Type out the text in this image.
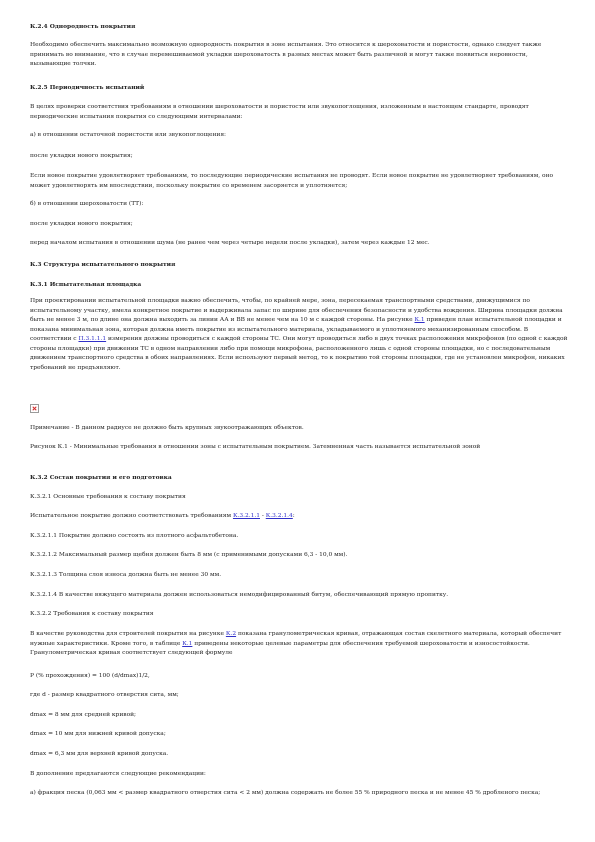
К.2.4 Однородность покрытия
Необходимо обеспечить максимально возможную однородность покрытия в зоне испытания. Это относится к шероховатости и пористости, однако следует также принимать во внимание, что в случае перемешиваемой укладки шероховатость в разных местах может быть различной и могут также появиться неровности, вызывающие толчки.
К.2.5 Периодичность испытаний
В целях проверки соответствия требованиям в отношении шероховатости и пористости или звукопоглощения, изложенным в настоящем стандарте, проводят периодические испытания покрытия со следующими интервалами:
а) в отношении остаточной пористости или звукопоглощения:
после укладки нового покрытия;
Если новое покрытие удовлетворяет требованиям, то последующие периодические испытания не проводят. Если новое покрытие не удовлетворяет требованиям, оно может удовлетворять им впоследствии, поскольку покрытие со временем засоряется и уплотняется;
б) в отношении шероховатости (ТТ):
после укладки нового покрытия;
перед началом испытания в отношении шума (не ранее чем через четыре недели после укладки), затем через каждые 12 мес.
К.3 Структура испытательного покрытия
К.3.1 Испытательная площадка
При проектировании испытательной площадки важно обеспечить, чтобы, по крайней мере, зона, пересекаемая транспортными средствами, движущимися по испытательному участку, имела конкретное покрытие и выдерживала запас по ширине для обеспечения безопасности и удобства вождения. Ширина площадки должна быть не менее 3 м, по длине она должна выходить за линии АА и ВВ не менее чем на 10 м с каждой стороны. На рисунке К.1 приведен план испытательной площадки и показана минимальная зона, которая должна иметь покрытие из испытательного материала, укладываемого и уплотняемого механизированным способом. В соответствии с П.3.1.1.1 измерения должны проводиться с каждой стороны ТС. Они могут проводиться либо в двух точках расположения микрофонов (по одной с каждой стороны площадки) при движении ТС в одном направлении либо при помощи микрофона, расположенного лишь с одной стороны площадки, но с последовательным движением транспортного средства в обоих направлениях. Если используют первый метод, то к покрытию той стороны площадки, где не установлен микрофон, никаких требований не предъявляют.
Примечание - В данном радиусе не должно быть крупных звукоотражающих объектов.
Рисунок К.1 - Минимальные требования в отношении зоны с испытательным покрытием. Затемненная часть называется испытательной зоной
К.3.2 Состав покрытия и его подготовка
К.3.2.1 Основные требования к составу покрытия
Испытательное покрытие должно соответствовать требованиям К.3.2.1.1 - К.3.2.1.4:
К.3.2.1.1 Покрытие должно состоять из плотного асфальтобетона.
К.3.2.1.2 Максимальный размер щебня должен быть 8 мм (с применимыми допусками 6,3 - 10,0 мм).
К.3.2.1.3 Толщина слоя износа должна быть не менее 30 мм.
К.3.2.1.4 В качестве вяжущего материала должен использоваться немодифицированный битум, обеспечивающий прямую пропитку.
К.3.2.2 Требования к составу покрытия
В качестве руководства для строителей покрытия на рисунке К.2 показана гранулометрическая кривая, отражающая состав скелетного материала, который обеспечит нужные характеристики. Кроме того, в таблице К.1 приведены некоторые целевые параметры для обеспечения требуемой шероховатости и износостойкости. Гранулометрическая кривая соответствует следующей формуле
P (% прохождения) = 100 (d/dmax)1/2,
где d - размер квадратного отверстия сита, мм;
dmax = 8 мм для средней кривой;
dmax = 10 мм для нижней кривой допуска;
dmax = 6,3 мм для верхней кривой допуска.
В дополнение предлагаются следующие рекомендации:
а) фракция песка (0,063 мм < размер квадратного отверстия сита < 2 мм) должна содержать не более 55 % природного песка и не менее 45 % дробленого песка;
